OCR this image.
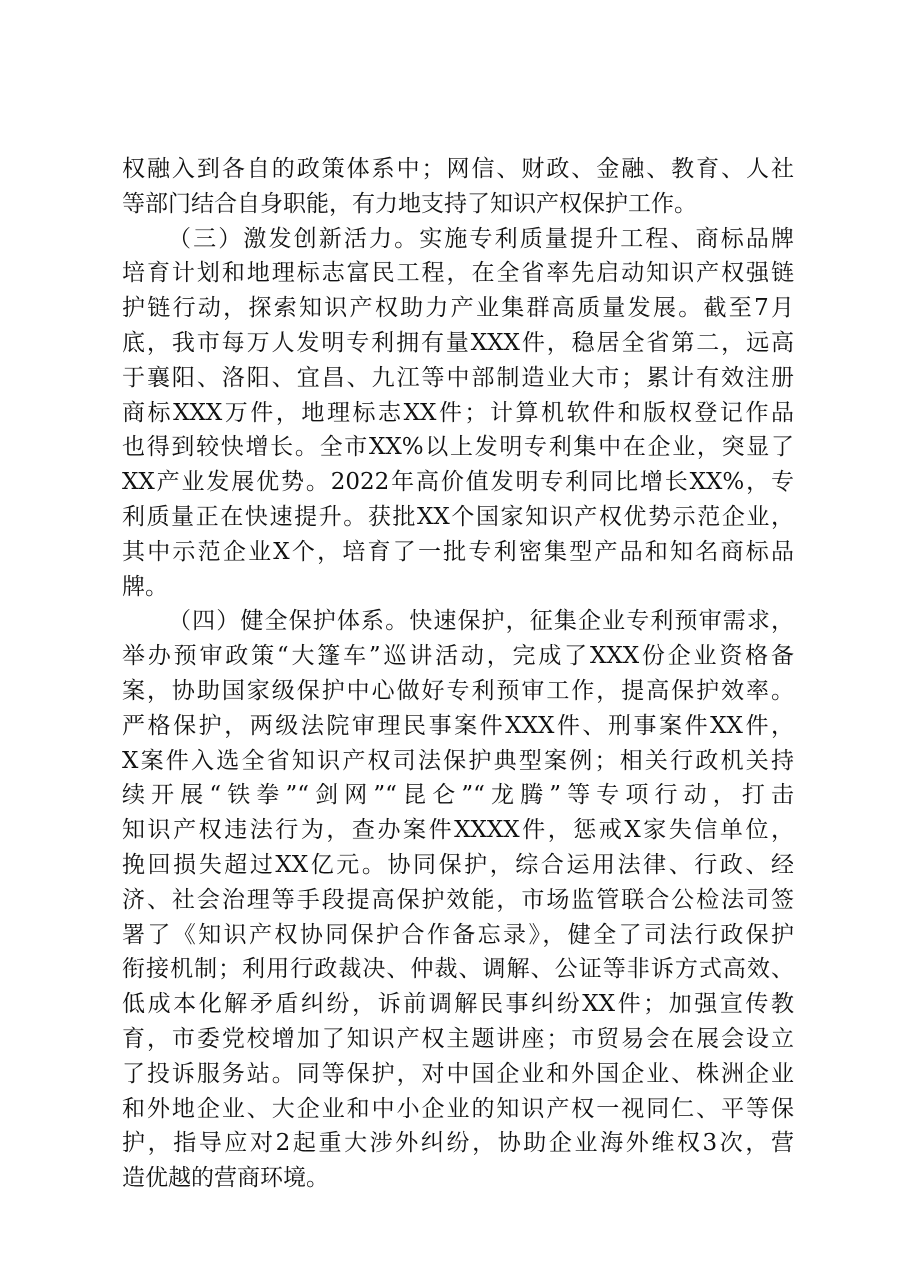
权融入到各自的政策体系中；网信、财政、金融、教育、人社
等部门结合自身职能，有力地支持了知识产权保护工作。
（三）激发创新活力。实施专利质量提升工程、商标品牌
培育计划和地理标志富民工程，在全省率先启动知识产权强链
护链行动，探索知识产权助力产业集群高质量发展。截至7月
底，我市每万人发明专利拥有量XXX件，稳居全省第二，远高
于襄阳、洛阳、宜昌、九江等中部制造业大市；累计有效注册
商标XXX万件，地理标志XX件；计算机软件和版权登记作品
也得到较快增长。全市XX%以上发明专利集中在企业，突显了
XX产业发展优势。2022年高价值发明专利同比增长XX%，专
利质量正在快速提升。获批XX个国家知识产权优势示范企业，
其中示范企业X个，培育了一批专利密集型产品和知名商标品
牌。
（四）健全保护体系。快速保护，征集企业专利预审需求，
举办预审政策“大篷车”巡讲活动，完成了XXX份企业资格备
案，协助国家级保护中心做好专利预审工作，提高保护效率。
严格保护，两级法院审理民事案件XXX件、刑事案件XX件，
X案件入选全省知识产权司法保护典型案例；相关行政机关持
续开展“铁拳”“剑网”“昆仑”“龙腾”等专项行动，打击
知识产权违法行为，查办案件XXXX件，惩戒X家失信单位，
挽回损失超过XX亿元。协同保护，综合运用法律、行政、经
济、社会治理等手段提高保护效能，市场监管联合公检法司签
署了《知识产权协同保护合作备忘录》，健全了司法行政保护
衔接机制；利用行政裁决、仲裁、调解、公证等非诉方式高效、
低成本化解矛盾纠纷，诉前调解民事纠纷XX件；加强宣传教
育，市委党校增加了知识产权主题讲座；市贸易会在展会设立
了投诉服务站。同等保护，对中国企业和外国企业、株洲企业
和外地企业、大企业和中小企业的知识产权一视同仁、平等保
护，指导应对2起重大涉外纠纷，协助企业海外维权3次，营
造优越的营商环境。
